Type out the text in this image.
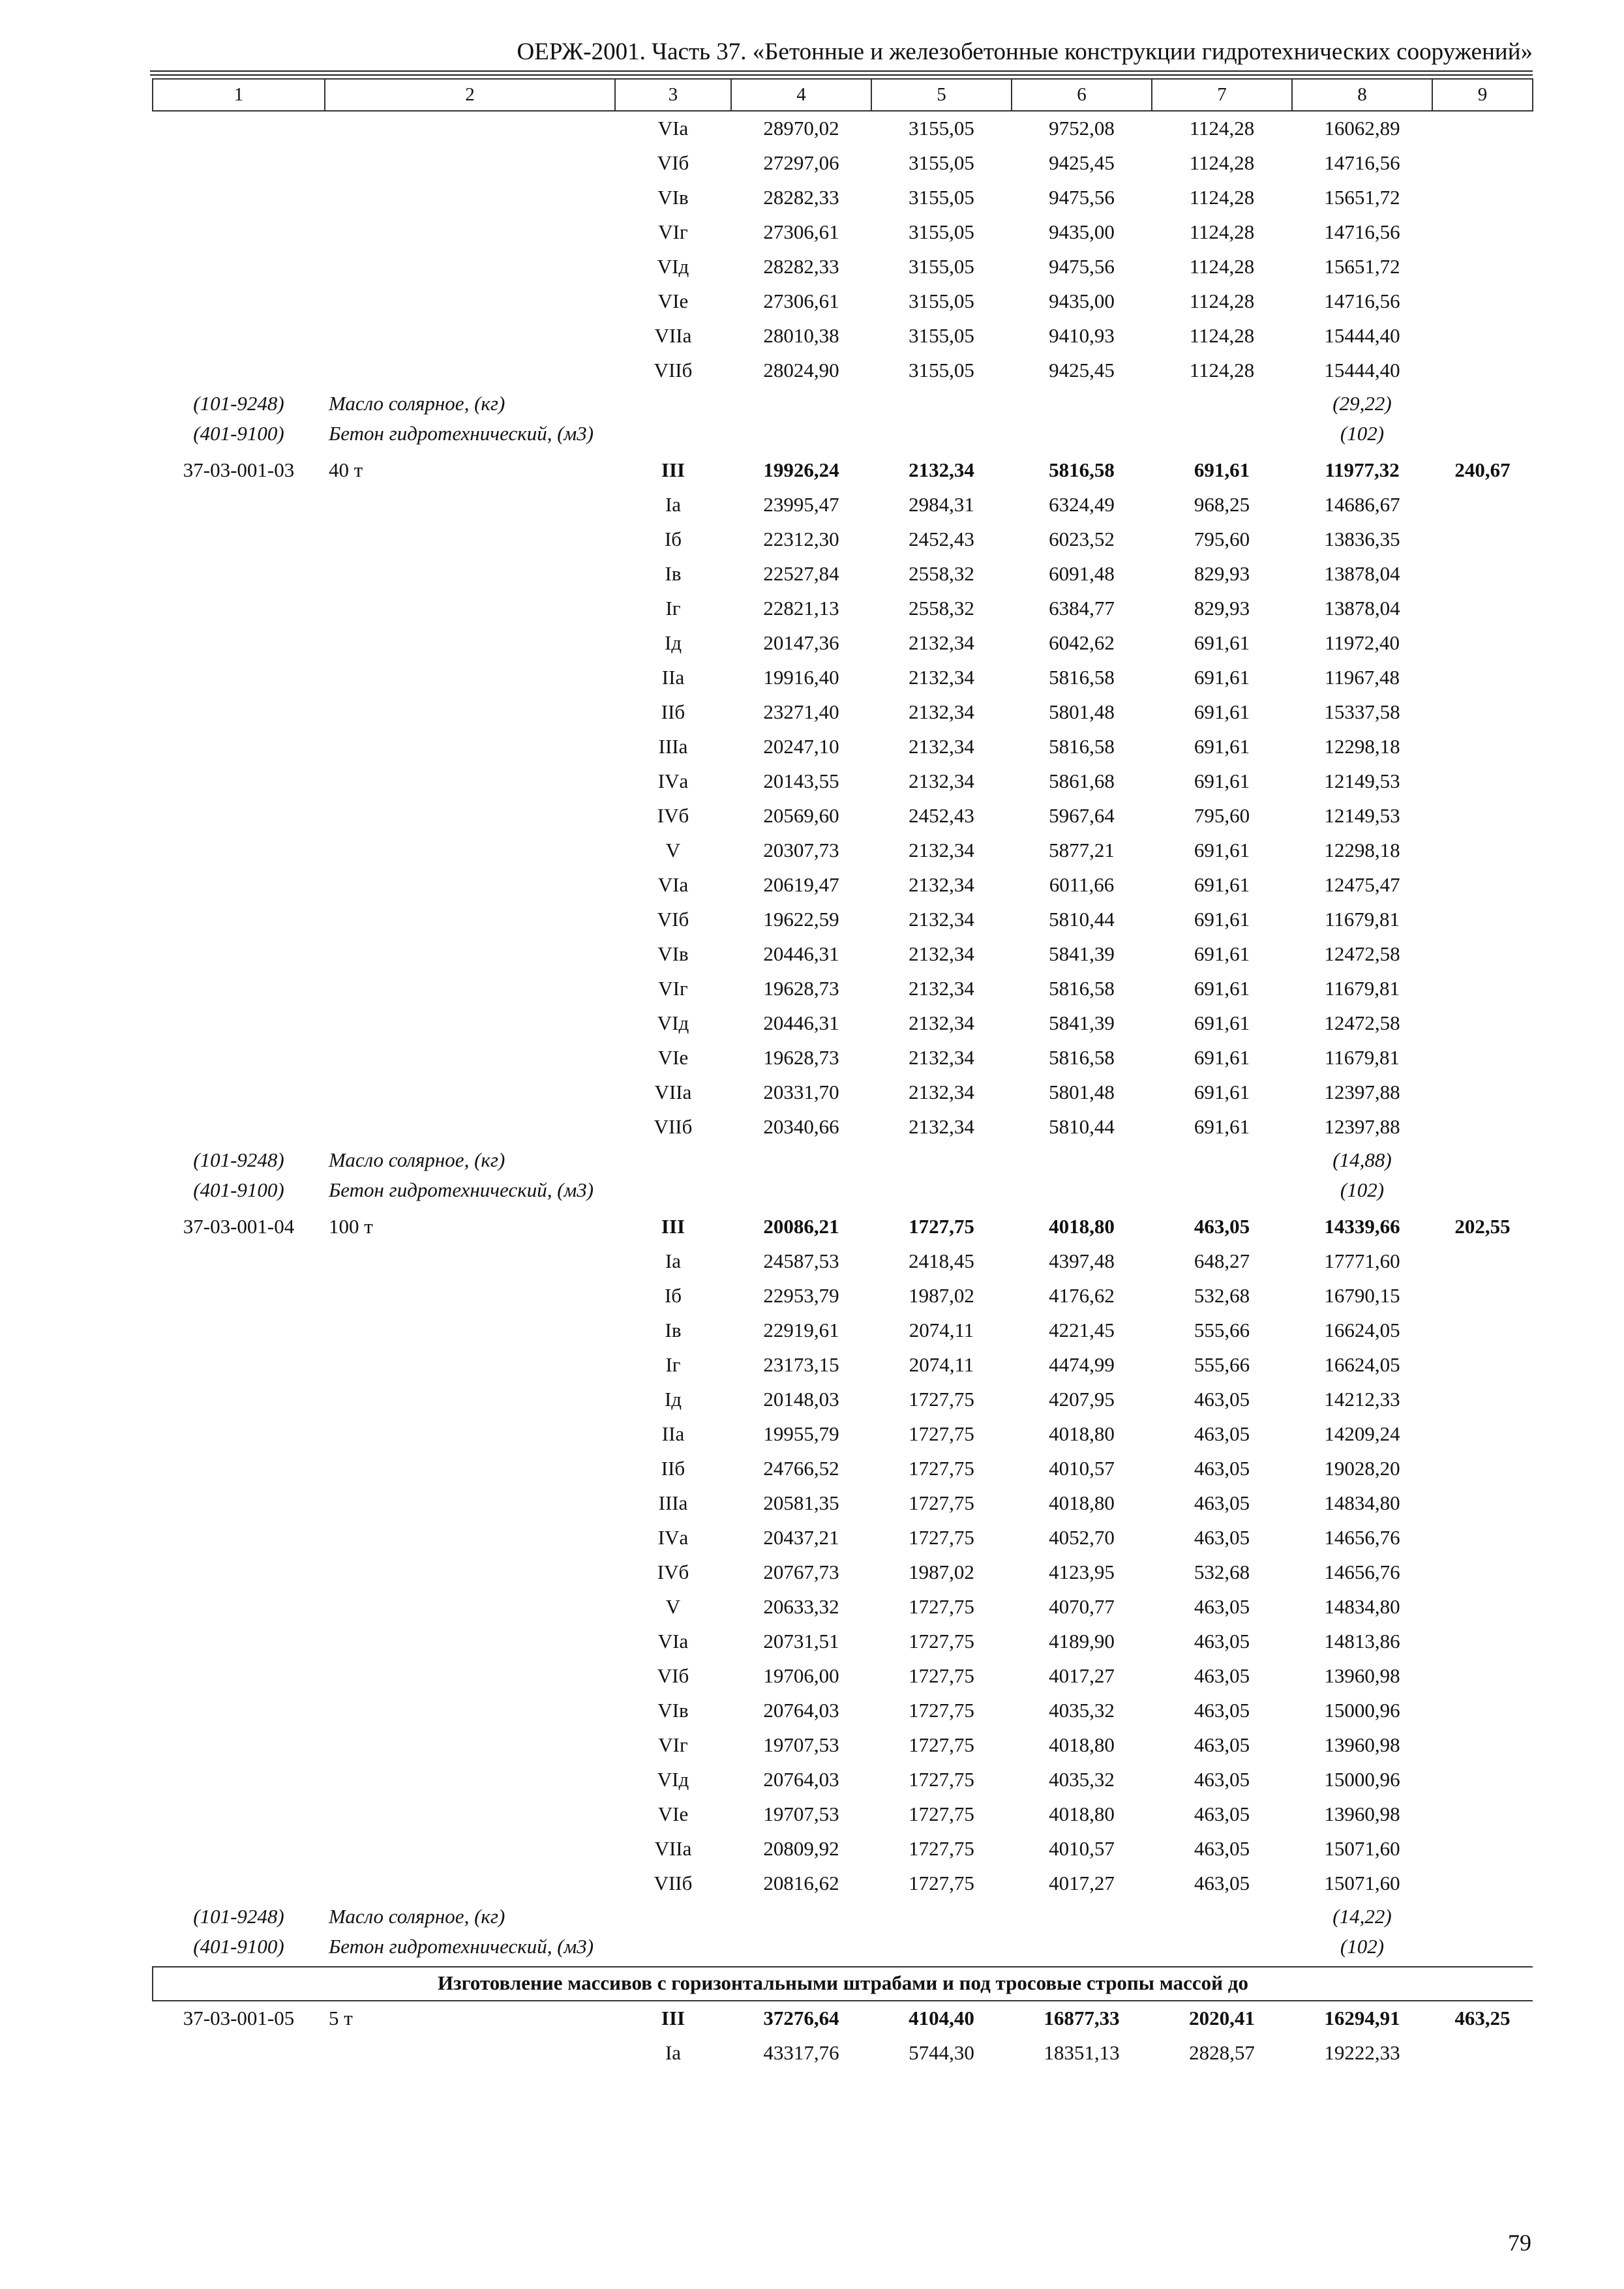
ОЕРЖ-2001. Часть 37. «Бетонные и железобетонные конструкции гидротехнических сооружений»
1	2	3	4	5	6	7	8	9
		VIа	28970,02	3155,05	9752,08	1124,28	16062,89	
		VIб	27297,06	3155,05	9425,45	1124,28	14716,56	
		VIв	28282,33	3155,05	9475,56	1124,28	15651,72	
		VIг	27306,61	3155,05	9435,00	1124,28	14716,56	
		VIд	28282,33	3155,05	9475,56	1124,28	15651,72	
		VIе	27306,61	3155,05	9435,00	1124,28	14716,56	
		VIIа	28010,38	3155,05	9410,93	1124,28	15444,40	
		VIIб	28024,90	3155,05	9425,45	1124,28	15444,40	
(101-9248)	Масло солярное, (кг)						(29,22)	
(401-9100)	Бетон гидротехнический, (м3)						(102)	
37-03-001-03	40 т	III	19926,24	2132,34	5816,58	691,61	11977,32	240,67
		Iа	23995,47	2984,31	6324,49	968,25	14686,67	
		Iб	22312,30	2452,43	6023,52	795,60	13836,35	
		Iв	22527,84	2558,32	6091,48	829,93	13878,04	
		Iг	22821,13	2558,32	6384,77	829,93	13878,04	
		Iд	20147,36	2132,34	6042,62	691,61	11972,40	
		IIа	19916,40	2132,34	5816,58	691,61	11967,48	
		IIб	23271,40	2132,34	5801,48	691,61	15337,58	
		IIIа	20247,10	2132,34	5816,58	691,61	12298,18	
		IVа	20143,55	2132,34	5861,68	691,61	12149,53	
		IVб	20569,60	2452,43	5967,64	795,60	12149,53	
		V	20307,73	2132,34	5877,21	691,61	12298,18	
		VIа	20619,47	2132,34	6011,66	691,61	12475,47	
		VIб	19622,59	2132,34	5810,44	691,61	11679,81	
		VIв	20446,31	2132,34	5841,39	691,61	12472,58	
		VIг	19628,73	2132,34	5816,58	691,61	11679,81	
		VIд	20446,31	2132,34	5841,39	691,61	12472,58	
		VIе	19628,73	2132,34	5816,58	691,61	11679,81	
		VIIа	20331,70	2132,34	5801,48	691,61	12397,88	
		VIIб	20340,66	2132,34	5810,44	691,61	12397,88	
(101-9248)	Масло солярное, (кг)						(14,88)	
(401-9100)	Бетон гидротехнический, (м3)						(102)	
37-03-001-04	100 т	III	20086,21	1727,75	4018,80	463,05	14339,66	202,55
		Iа	24587,53	2418,45	4397,48	648,27	17771,60	
		Iб	22953,79	1987,02	4176,62	532,68	16790,15	
		Iв	22919,61	2074,11	4221,45	555,66	16624,05	
		Iг	23173,15	2074,11	4474,99	555,66	16624,05	
		Iд	20148,03	1727,75	4207,95	463,05	14212,33	
		IIа	19955,79	1727,75	4018,80	463,05	14209,24	
		IIб	24766,52	1727,75	4010,57	463,05	19028,20	
		IIIа	20581,35	1727,75	4018,80	463,05	14834,80	
		IVа	20437,21	1727,75	4052,70	463,05	14656,76	
		IVб	20767,73	1987,02	4123,95	532,68	14656,76	
		V	20633,32	1727,75	4070,77	463,05	14834,80	
		VIа	20731,51	1727,75	4189,90	463,05	14813,86	
		VIб	19706,00	1727,75	4017,27	463,05	13960,98	
		VIв	20764,03	1727,75	4035,32	463,05	15000,96	
		VIг	19707,53	1727,75	4018,80	463,05	13960,98	
		VIд	20764,03	1727,75	4035,32	463,05	15000,96	
		VIе	19707,53	1727,75	4018,80	463,05	13960,98	
		VIIа	20809,92	1727,75	4010,57	463,05	15071,60	
		VIIб	20816,62	1727,75	4017,27	463,05	15071,60	
(101-9248)	Масло солярное, (кг)						(14,22)	
(401-9100)	Бетон гидротехнический, (м3)						(102)	
Изготовление массивов с горизонтальными штрабами и под тросовые стропы массой до								
37-03-001-05	5 т	III	37276,64	4104,40	16877,33	2020,41	16294,91	463,25
		Iа	43317,76	5744,30	18351,13	2828,57	19222,33	
79
